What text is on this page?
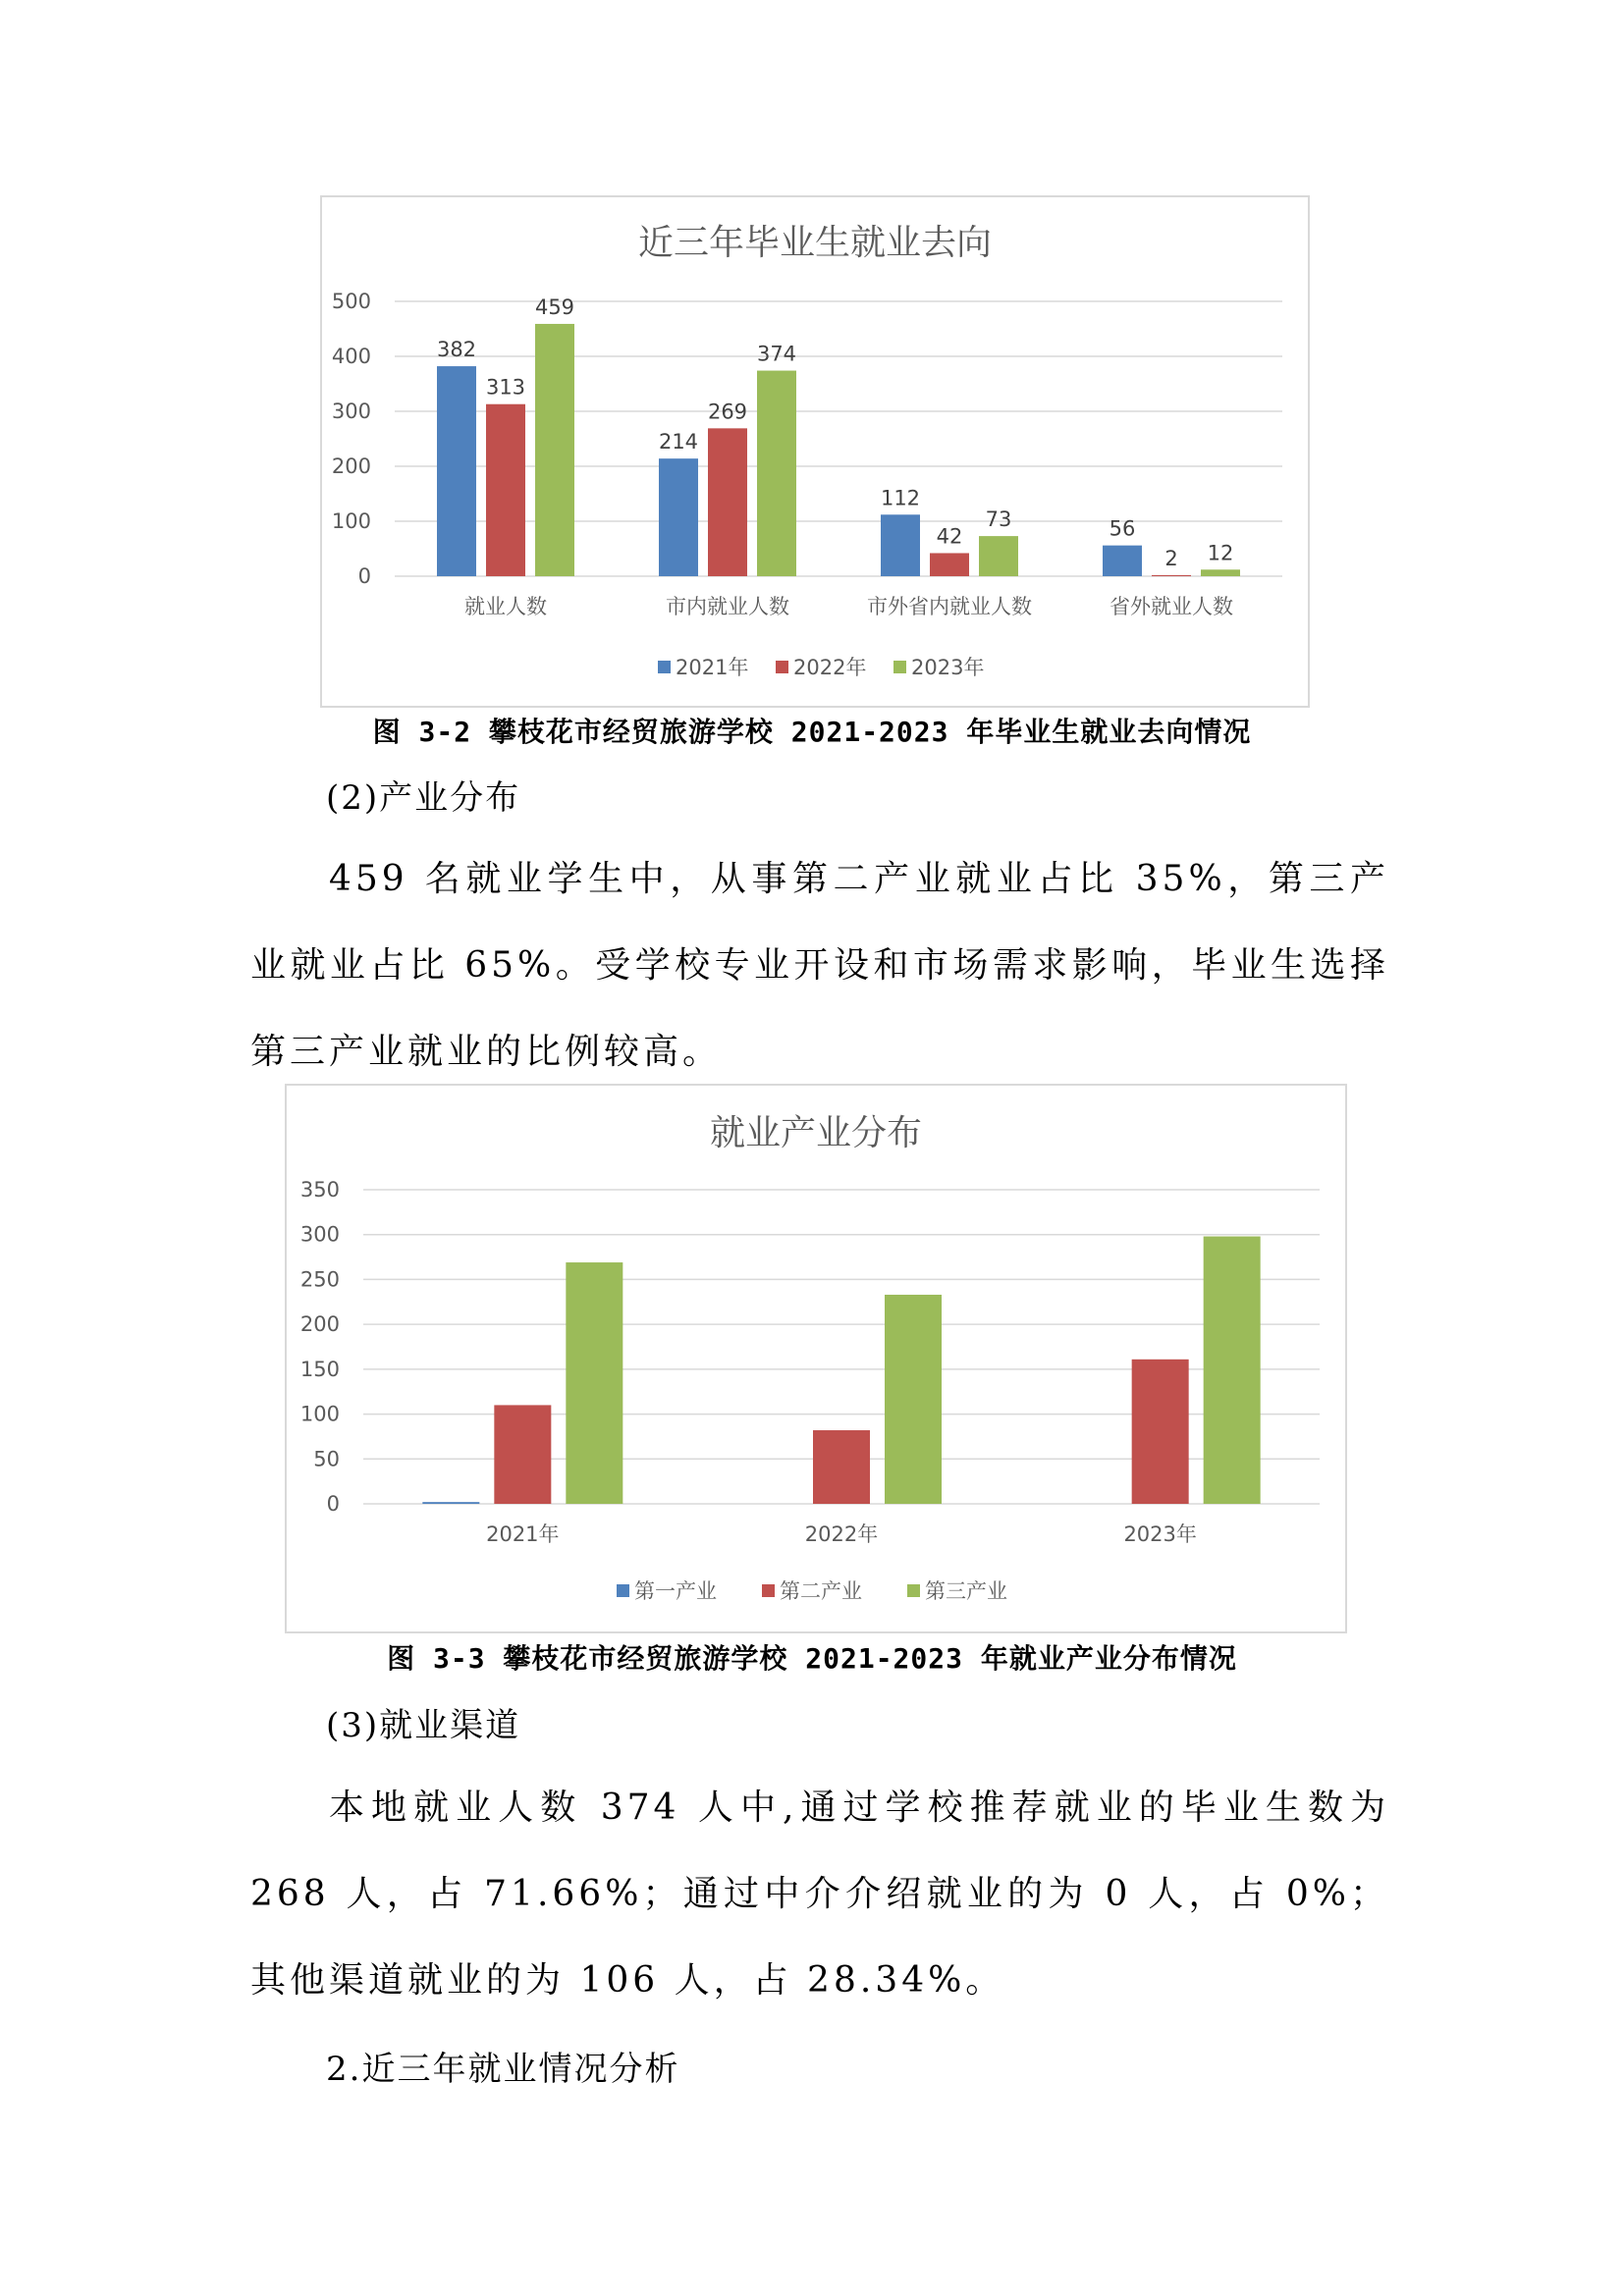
近三年毕业生就业去向
0
100
200
300
400
500
382
313
459
就业人数
214
269
374
市内就业人数
112
42
73
市外省内就业人数
56
2 12
省外就业人数
2021年 2022年 2023年
图 3-2 攀枝花市经贸旅游学校 2021-2023 年毕业生就业去向情况
(2)产业分布

459 名就业学生中，从事第二产业就业占比 35%，第三产业就业占比 65%。受学校专业开设和市场需求影响，毕业生选择第三产业就业的比例较高。

就业产业分布
0
50
100
150
200
250
300
350
2021年	2022年	2023年
第一产业	第二产业	第三产业
图 3-3 攀枝花市经贸旅游学校 2021-2023 年就业产业分布情况
(3)就业渠道

本地就业人数 374 人中,通过学校推荐就业的毕业生数为 268 人，占 71.66%；通过中介介绍就业的为 0 人，占 0%；其他渠道就业的为 106 人，占 28.34%。

2.近三年就业情况分析
